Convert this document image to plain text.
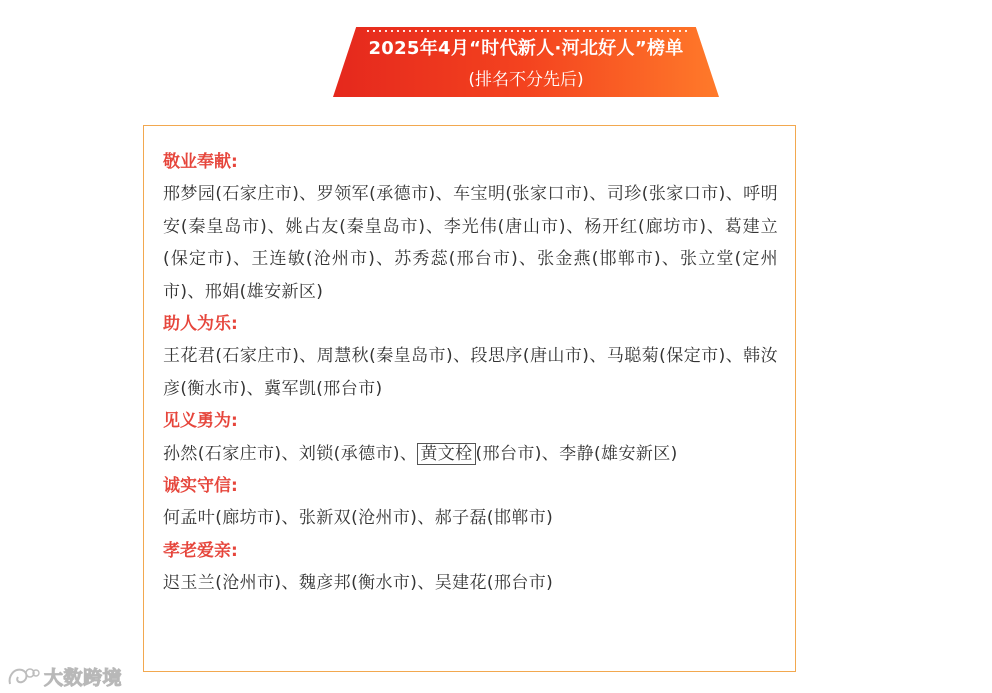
2025年4月“时代新人·河北好人”榜单
(排名不分先后)
敬业奉献:
邢梦园(石家庄市)、罗领军(承德市)、车宝明(张家口市)、司珍(张家口市)、呼明安(秦皇岛市)、姚占友(秦皇岛市)、李光伟(唐山市)、杨开红(廊坊市)、葛建立(保定市)、王连敏(沧州市)、苏秀蕊(邢台市)、张金燕(邯郸市)、张立堂(定州市)、邢娟(雄安新区)
助人为乐:
王花君(石家庄市)、周慧秋(秦皇岛市)、段思序(唐山市)、马聪菊(保定市)、韩汝彦(衡水市)、冀军凯(邢台市)
见义勇为:
孙然(石家庄市)、刘锁(承德市)、 黄文栓 (邢台市)、李静(雄安新区)
诚实守信:
何孟叶(廊坊市)、张新双(沧州市)、郝子磊(邯郸市)
孝老爱亲:
迟玉兰(沧州市)、魏彦邦(衡水市)、吴建花(邢台市)
大数跨境
